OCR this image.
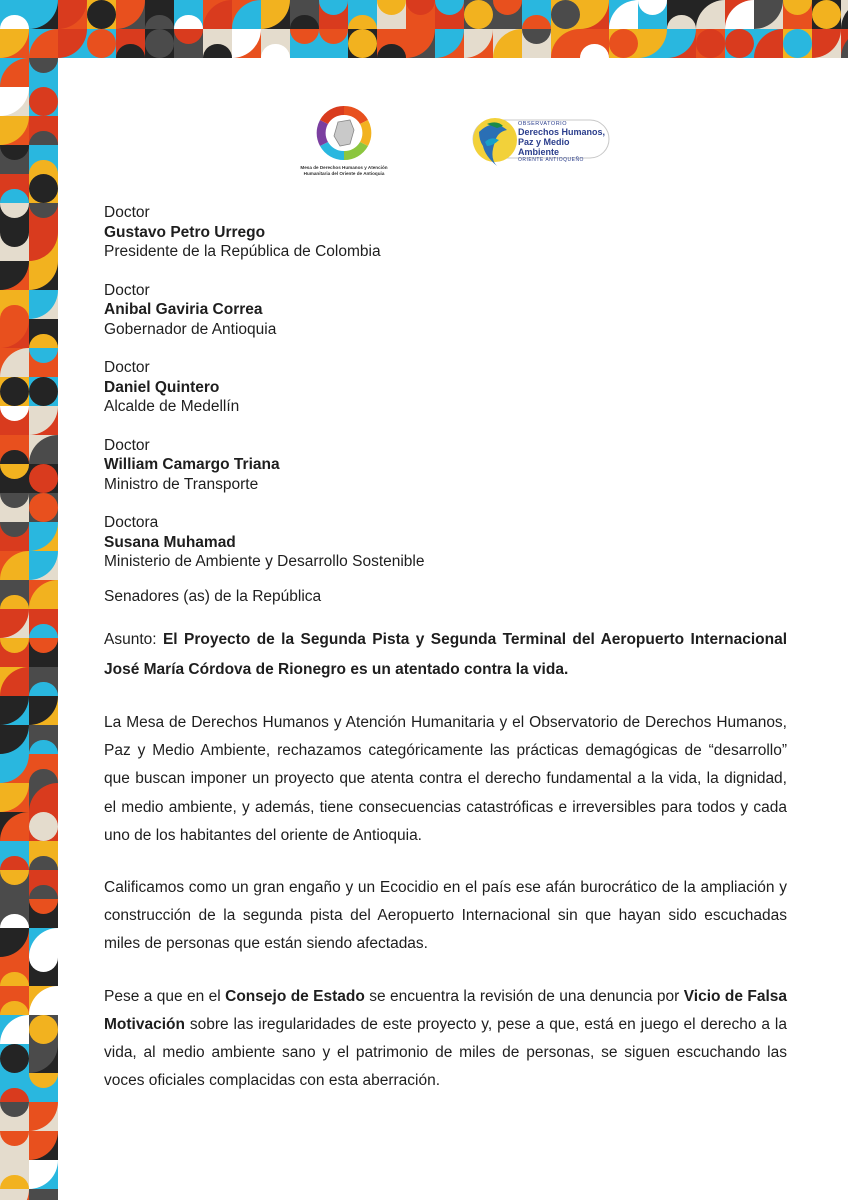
Mesa de Derechos Humanos y Atención Humanitaria del Oriente de Antioquia
OBSERVATORIO
Derechos Humanos,
Paz y Medio Ambiente
ORIENTE ANTIOQUEÑO
Doctor
Gustavo Petro Urrego
Presidente de la República de Colombia
Doctor
Anibal Gaviria Correa
Gobernador de Antioquia
Doctor
Daniel Quintero
Alcalde de Medellín
Doctor
William Camargo Triana
Ministro de Transporte
Doctora
Susana Muhamad
Ministerio de Ambiente y Desarrollo Sostenible
Senadores (as) de la República
Asunto: El Proyecto de la Segunda Pista y Segunda Terminal del Aeropuerto Internacional José María Córdova de Rionegro es un atentado contra la vida.
La Mesa de Derechos Humanos y Atención Humanitaria y el Observatorio de Derechos Humanos, Paz y Medio Ambiente, rechazamos categóricamente las prácticas demagógicas de “desarrollo” que buscan imponer un proyecto que atenta contra el derecho fundamental a la vida, la dignidad, el medio ambiente, y además, tiene consecuencias catastróficas e irreversibles para todos y cada uno de los habitantes del oriente de Antioquia.
Calificamos como un gran engaño y un Ecocidio en el país ese afán burocrático de la ampliación y construcción de la segunda pista del Aeropuerto Internacional sin que hayan sido escuchadas miles de personas que están siendo afectadas.
Pese a que en el Consejo de Estado se encuentra la revisión de una denuncia por Vicio de Falsa Motivación sobre las iregularidades de este proyecto y, pese a que, está en juego el derecho a la vida, al medio ambiente sano y el patrimonio de miles de personas, se siguen escuchando las voces oficiales complacidas con esta aberración.
